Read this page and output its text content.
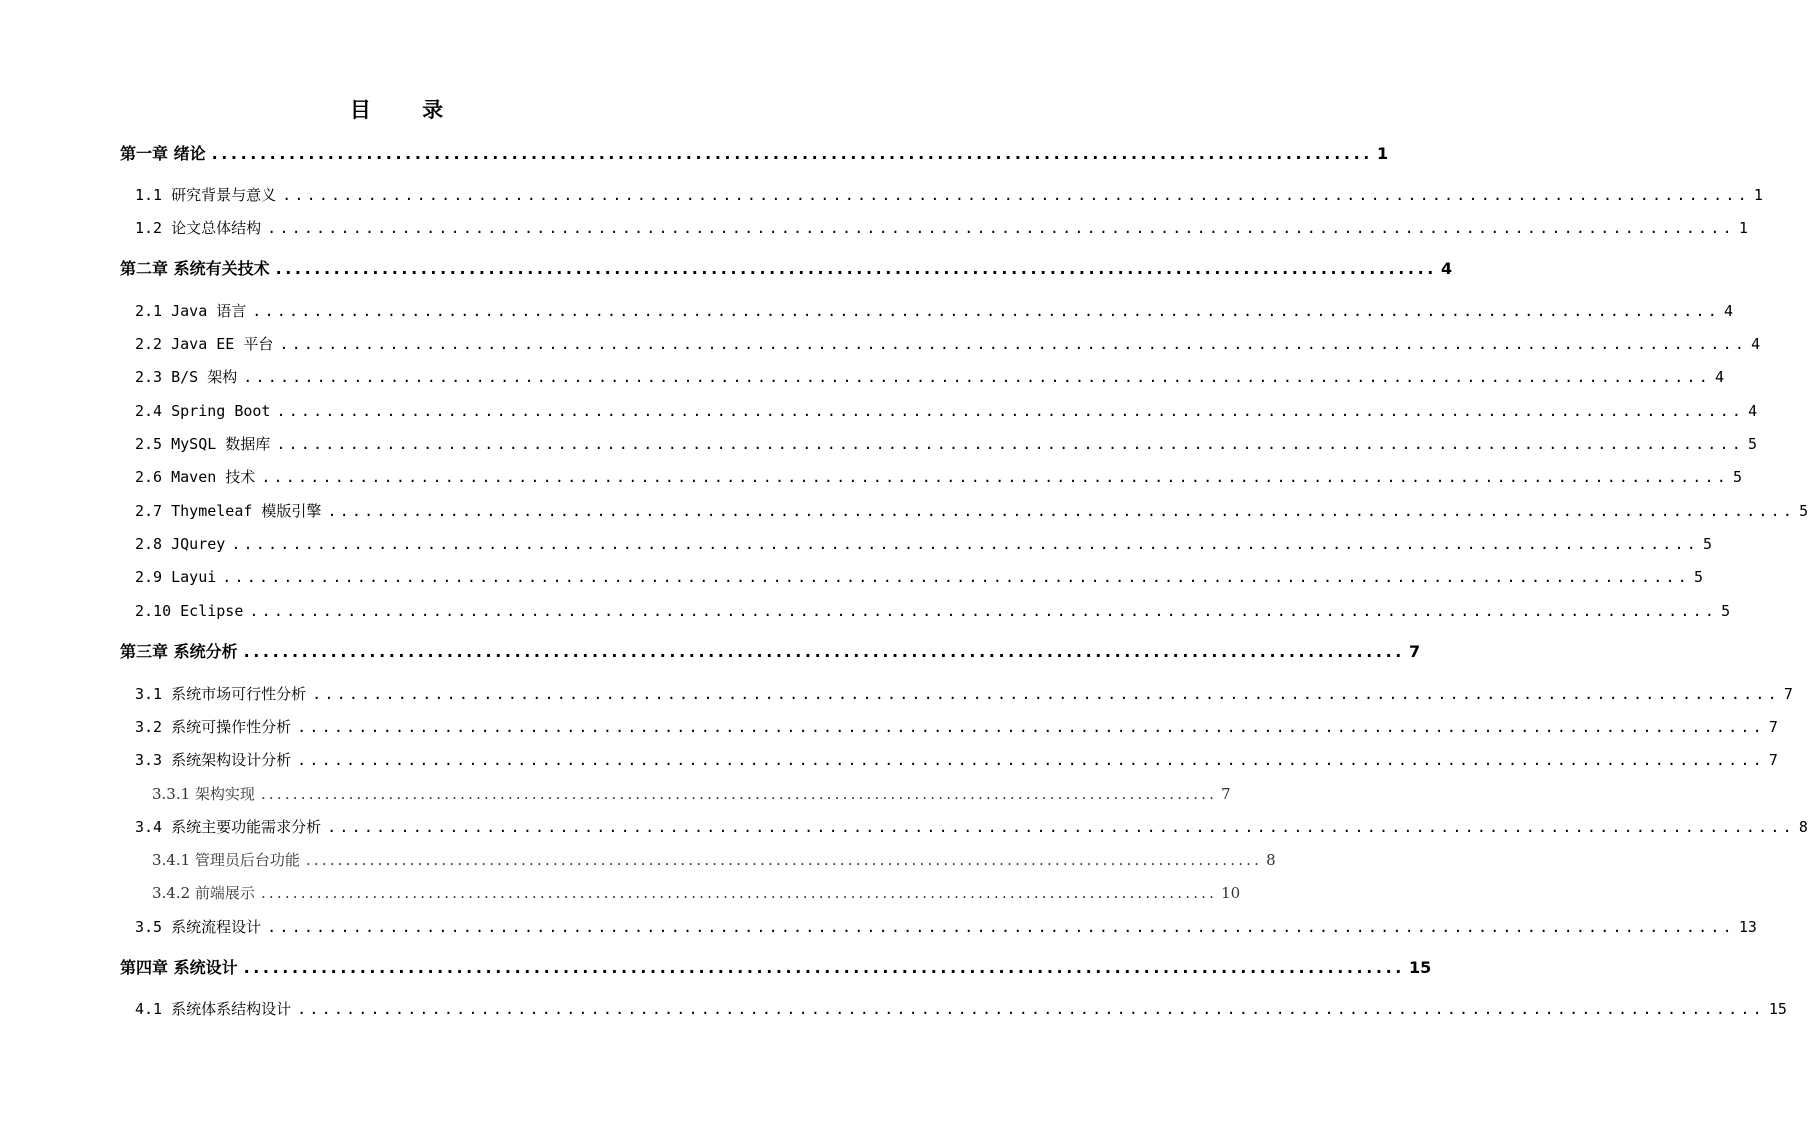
目 录
第一章 绪论 ........................................................................................................................ 1
1.1 研究背景与意义 ........................................................................................................................ 1
1.2 论文总体结构 ........................................................................................................................ 1
第二章 系统有关技术 ........................................................................................................................ 4
2.1 Java 语言 ........................................................................................................................ 4
2.2 Java EE 平台 ........................................................................................................................ 4
2.3 B/S 架构 ........................................................................................................................ 4
2.4 Spring Boot ........................................................................................................................ 4
2.5 MySQL 数据库 ........................................................................................................................ 5
2.6 Maven 技术 ........................................................................................................................ 5
2.7 Thymeleaf 模版引擎 ........................................................................................................................ 5
2.8 JQurey ........................................................................................................................ 5
2.9 Layui ........................................................................................................................ 5
2.10 Eclipse ........................................................................................................................ 5
第三章 系统分析 ........................................................................................................................ 7
3.1 系统市场可行性分析 ........................................................................................................................ 7
3.2 系统可操作性分析 ........................................................................................................................ 7
3.3 系统架构设计分析 ........................................................................................................................ 7
3.3.1 架构实现 ........................................................................................................................ 7
3.4 系统主要功能需求分析 ........................................................................................................................ 8
3.4.1 管理员后台功能 ........................................................................................................................ 8
3.4.2 前端展示 ........................................................................................................................ 10
3.5 系统流程设计 ........................................................................................................................ 13
第四章 系统设计 ........................................................................................................................ 15
4.1 系统体系结构设计 ........................................................................................................................ 15
